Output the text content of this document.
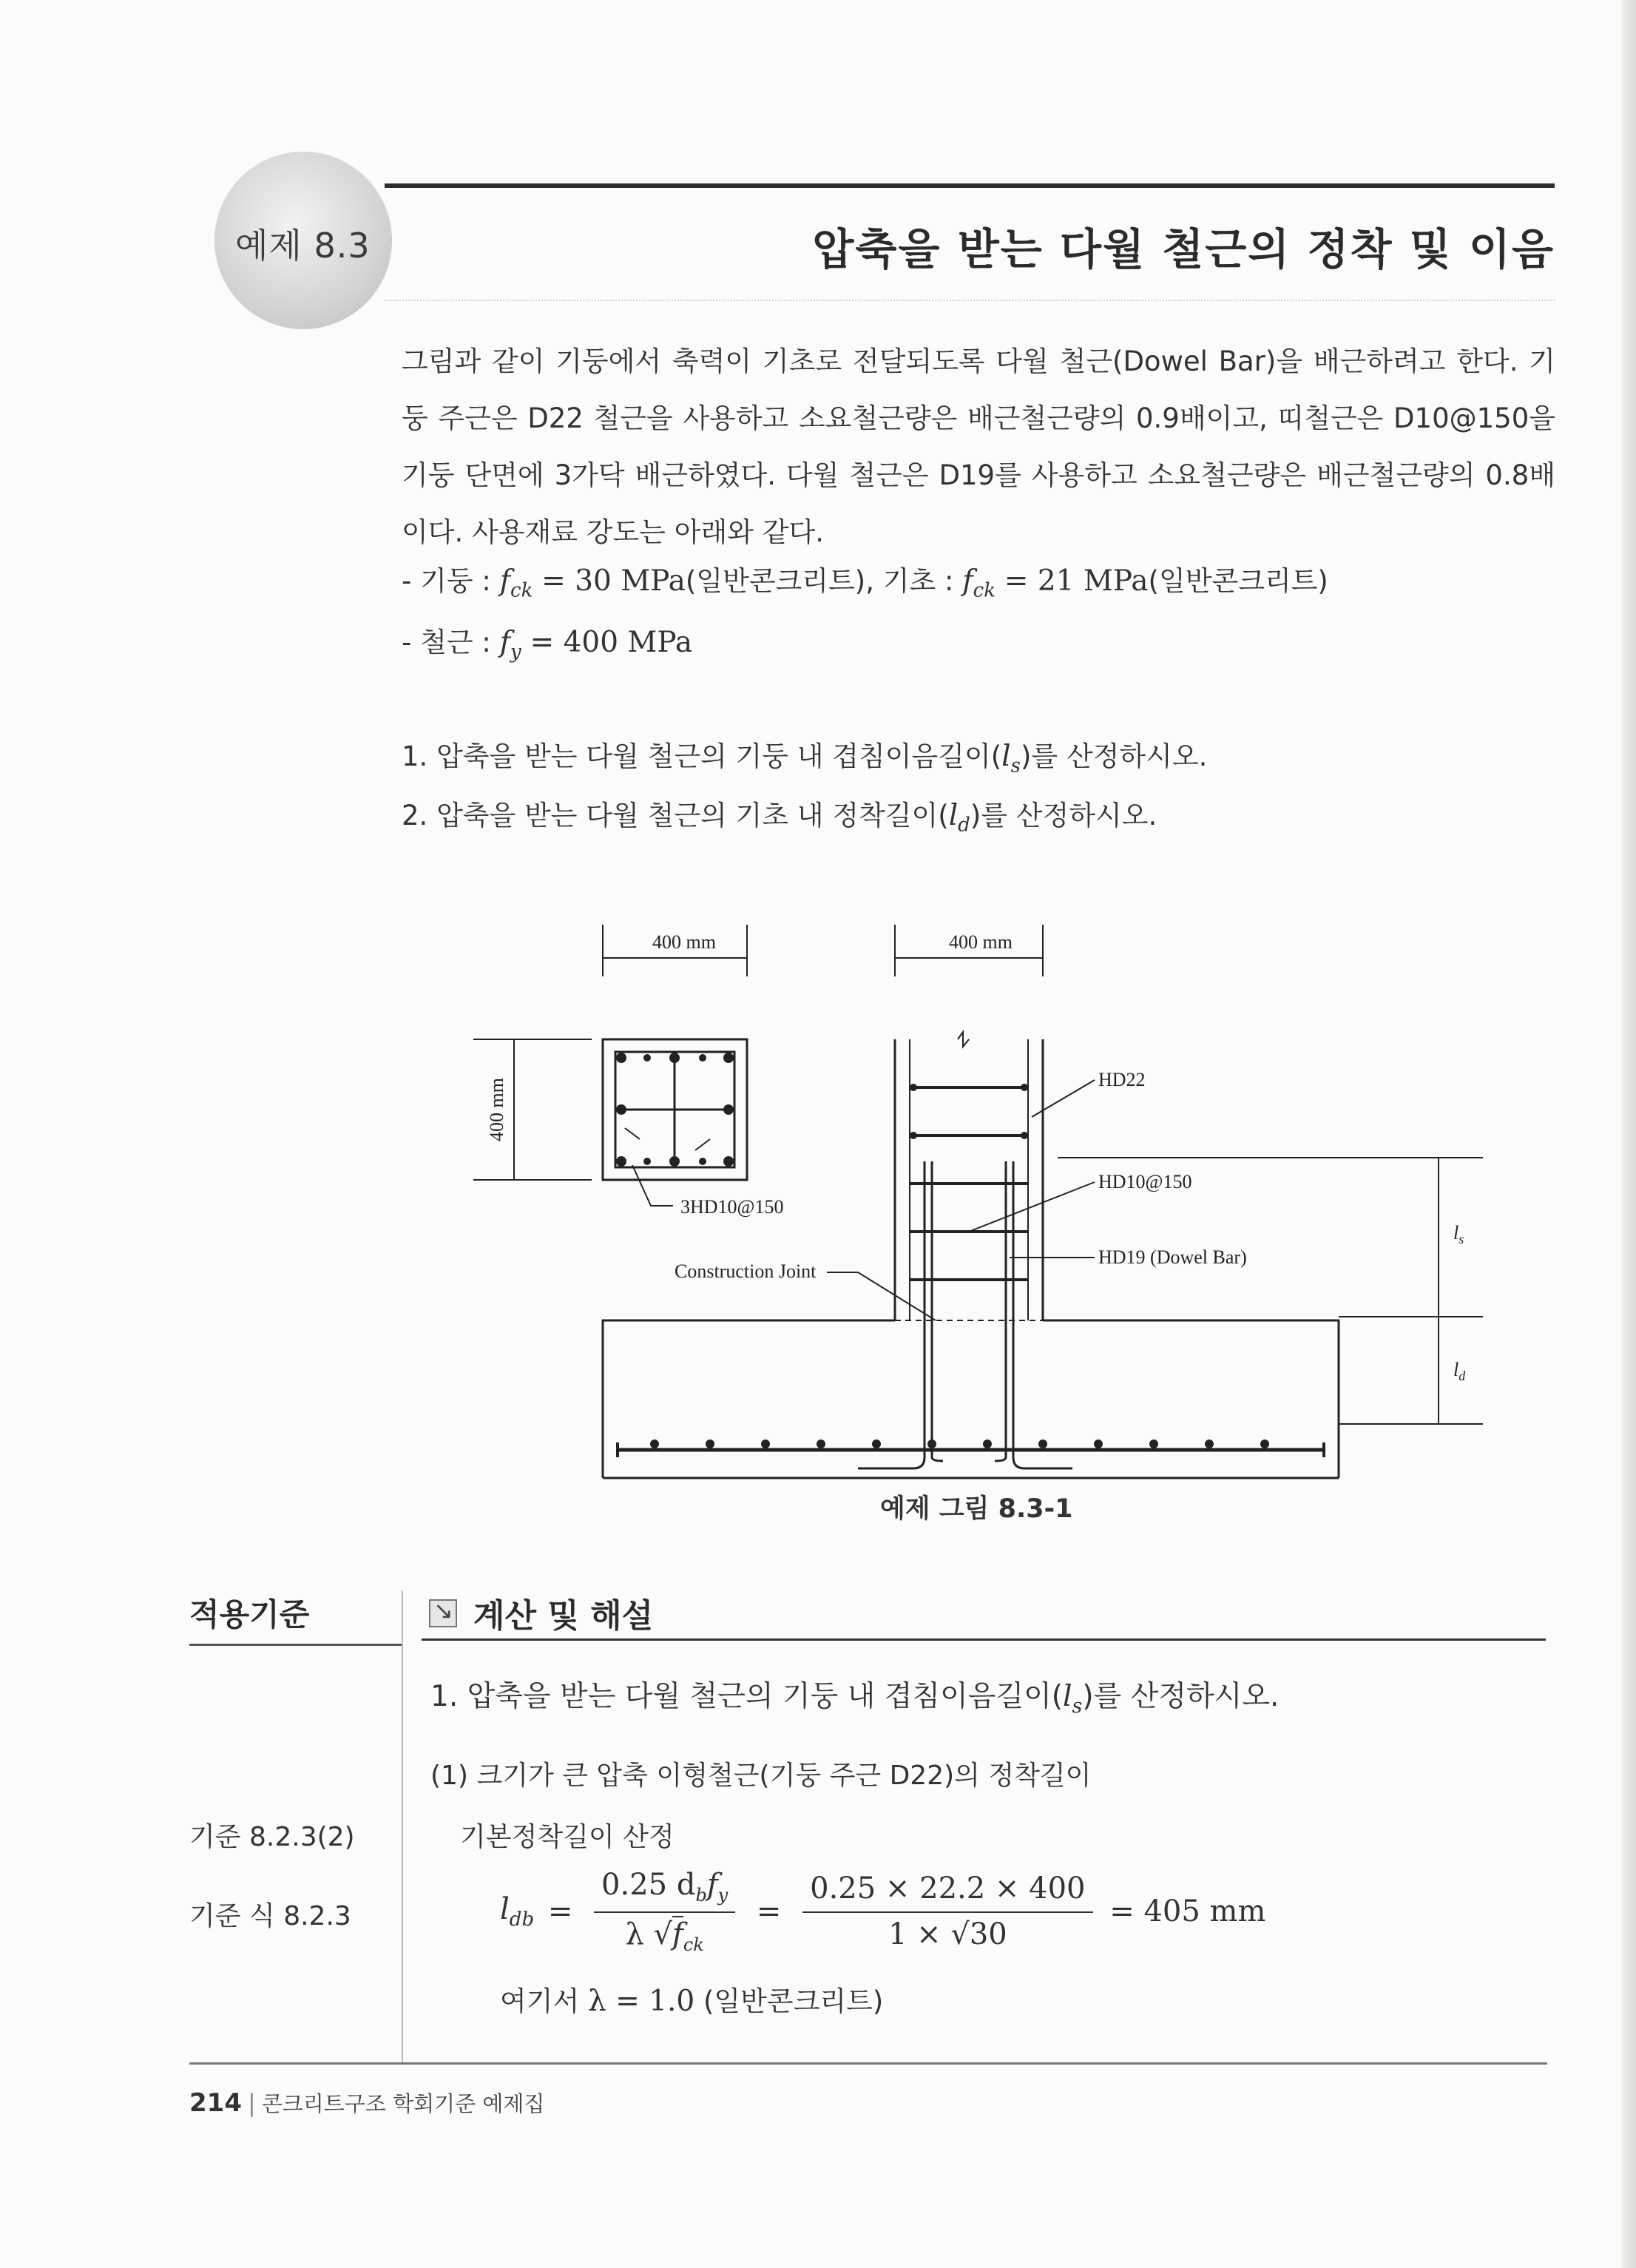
예제 8.3	압축을 받는 다월 철근의 정착 및 이음
그림과 같이 기둥에서 축력이 기초로 전달되도록 다월 철근(Dowel Bar)을 배근하려고 한다. 기둥 주근은 D22 철근을 사용하고 소요철근량은 배근철근량의 0.9배이고, 띠철근은 D10@150을 기둥 단면에 3가닥 배근하였다. 다월 철근은 D19를 사용하고 소요철근량은 배근철근량의 0.8배이다. 사용재료 강도는 아래와 같다.
- 기둥 : $f_{ck} = 30$ MPa(일반콘크리트), 기초 : $f_{ck} = 21$ MPa(일반콘크리트)
- 철근 : $f_y = 400$ MPa
1. 압축을 받는 다월 철근의 기둥 내 겹침이음길이$(l_s)$를 산정하시오.
2. 압축을 받는 다월 철근의 기초 내 정착길이$(l_d)$를 산정하시오.
400 mm	400 mm
400 mm
3HD10@150
HD22
HD10@150
HD19 (Dowel Bar)
Construction Joint
$l_s$
$l_d$
예제 그림 8.3-1
적용기준	↘ 계산 및 해설
1. 압축을 받는 다월 철근의 기둥 내 겹침이음길이$(l_s)$를 산정하시오.
(1) 크기가 큰 압축 이형철근(기둥 주근 D22)의 정착길이
기본정착길이 산정
기준 8.2.3(2)
기준 식 8.2.3	$l_{db} = \frac{0.25 d_bf_y}{\lambda √f_{ck}} = \frac{0.25 \times 22.2 \times 400}{1 \times √30} = 405$ mm
여기서 λ = 1.0 (일반콘크리트)
214 | 콘크리트구조 학회기준 예제집
